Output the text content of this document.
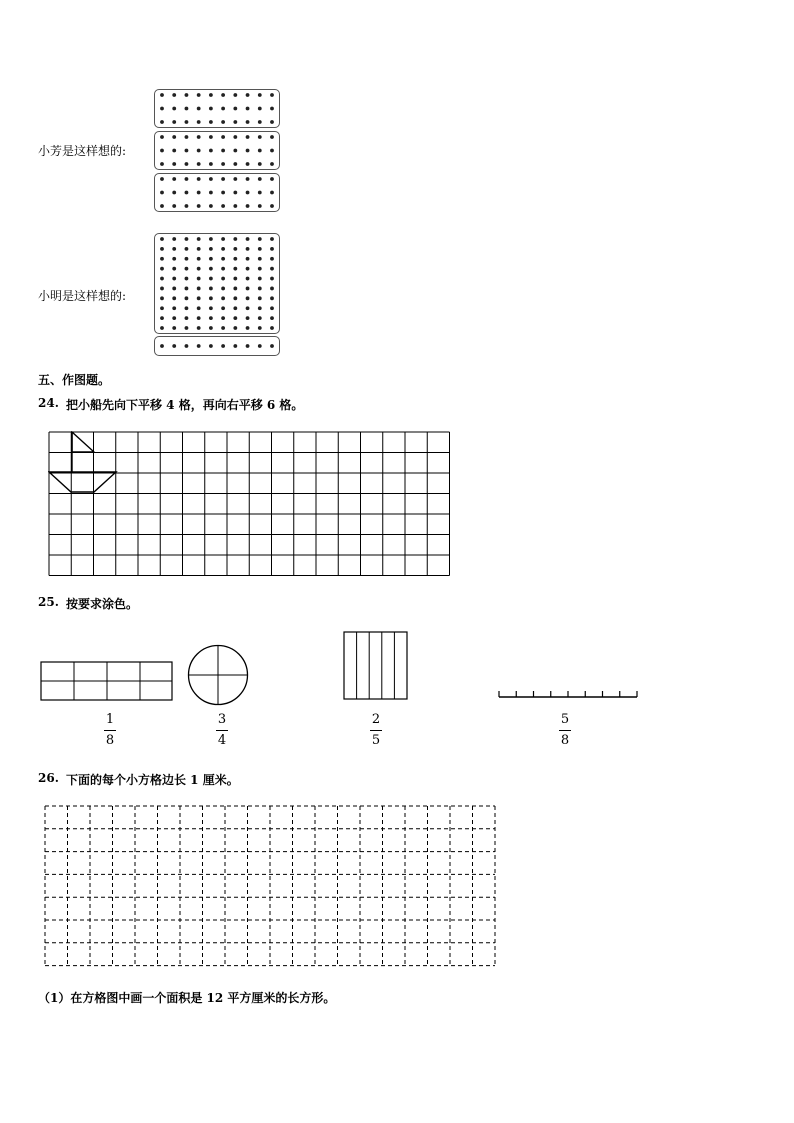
小芳是这样想的:
小明是这样想的:
五、作图题。
24. 把小船先向下平移 4 格，再向右平移 6 格。
25. 按要求涂色。
1
8
3
4
2
5
5
8
26. 下面的每个小方格边长 1 厘米。
（1）在方格图中画一个面积是 12 平方厘米的长方形。
